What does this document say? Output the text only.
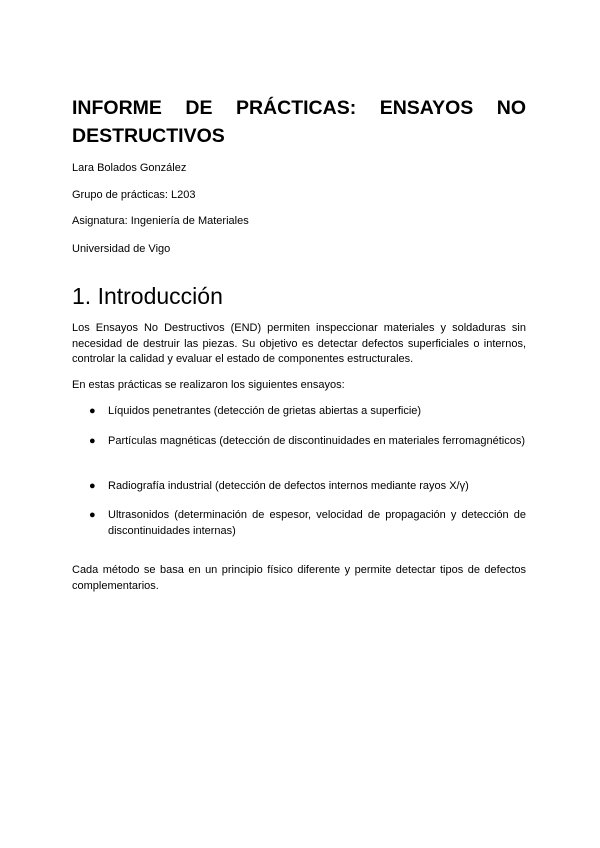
INFORME DE PRÁCTICAS: ENSAYOS NO DESTRUCTIVOS

Lara Bolados González

Grupo de prácticas: L203

Asignatura: Ingeniería de Materiales

Universidad de Vigo

1. Introducción

Los Ensayos No Destructivos (END) permiten inspeccionar materiales y soldaduras sin necesidad de destruir las piezas. Su objetivo es detectar defectos superficiales o internos, controlar la calidad y evaluar el estado de componentes estructurales.

En estas prácticas se realizaron los siguientes ensayos:

● Líquidos penetrantes (detección de grietas abiertas a superficie)
● Partículas magnéticas (detección de discontinuidades en materiales ferromagnéticos)
● Radiografía industrial (detección de defectos internos mediante rayos X/γ)
● Ultrasonidos (determinación de espesor, velocidad de propagación y detección de discontinuidades internas)

Cada método se basa en un principio físico diferente y permite detectar tipos de defectos complementarios.
